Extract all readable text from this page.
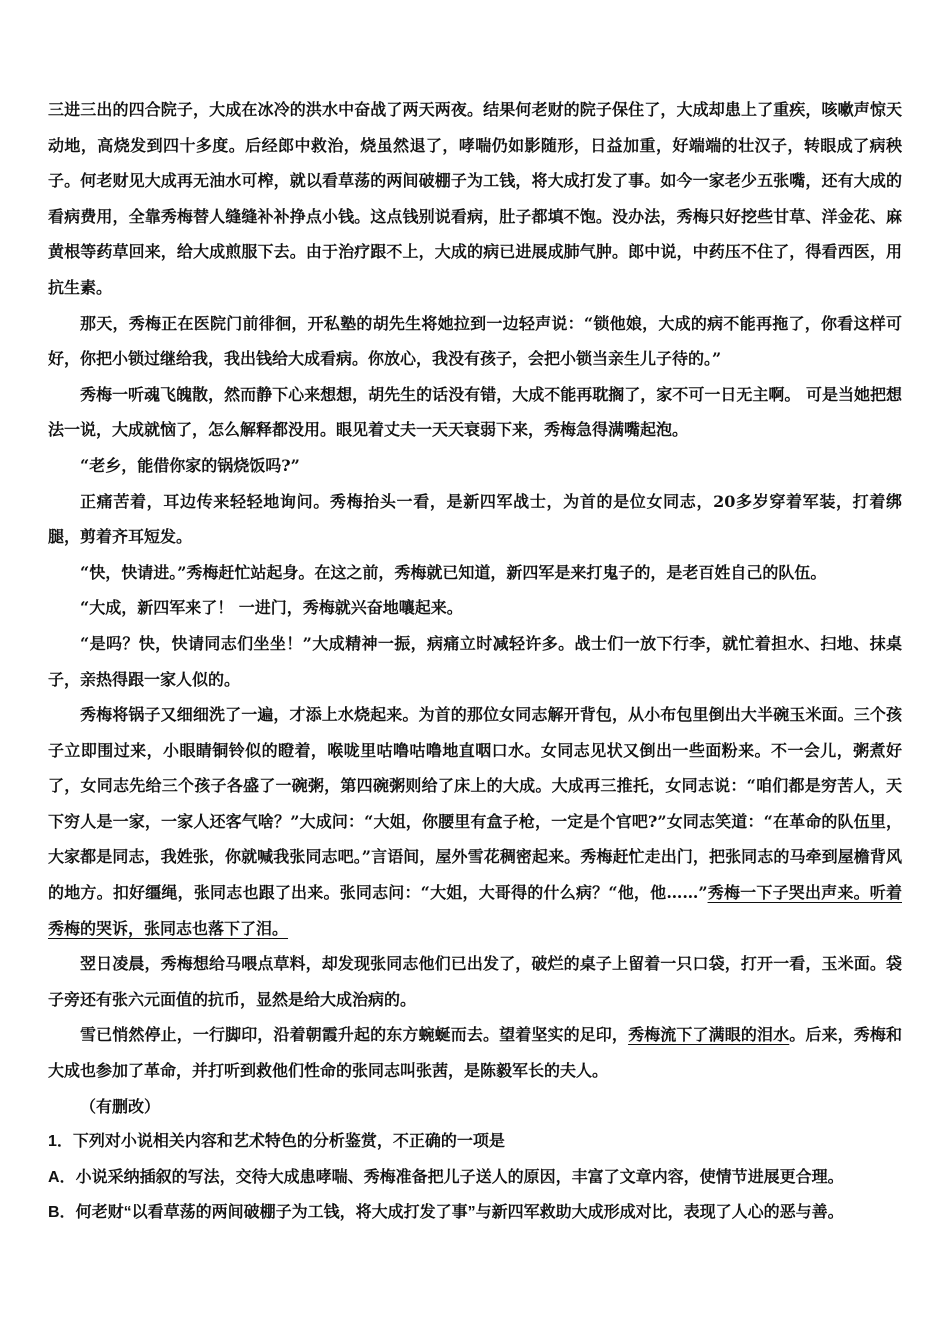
三进三出的四合院子，大成在冰冷的洪水中奋战了两天两夜。结果何老财的院子保住了，大成却患上了重疾，咳嗽声惊天动地，高烧发到四十多度。后经郎中救治，烧虽然退了，哮喘仍如影随形，日益加重，好端端的壮汉子，转眼成了病秧子。何老财见大成再无油水可榨，就以看草荡的两间破棚子为工钱，将大成打发了事。如今一家老少五张嘴，还有大成的看病费用，全靠秀梅替人缝缝补补挣点小钱。这点钱别说看病，肚子都填不饱。没办法，秀梅只好挖些甘草、洋金花、麻黄根等药草回来，给大成煎服下去。由于治疗跟不上，大成的病已进展成肺气肿。郎中说，中药压不住了，得看西医，用抗生素。

那天，秀梅正在医院门前徘徊，开私塾的胡先生将她拉到一边轻声说：“锁他娘，大成的病不能再拖了，你看这样可好，你把小锁过继给我，我出钱给大成看病。你放心，我没有孩子，会把小锁当亲生儿子待的。”

秀梅一听魂飞魄散，然而静下心来想想，胡先生的话没有错，大成不能再耽搁了，家不可一日无主啊。 可是当她把想法一说，大成就恼了，怎么解释都没用。眼见着丈夫一天天衰弱下来，秀梅急得满嘴起泡。

“老乡，能借你家的锅烧饭吗?”

正痛苦着，耳边传来轻轻地询问。秀梅抬头一看，是新四军战士，为首的是位女同志，20多岁穿着军装，打着绑腿，剪着齐耳短发。

“快，快请进。”秀梅赶忙站起身。在这之前，秀梅就已知道，新四军是来打鬼子的，是老百姓自己的队伍。

“大成，新四军来了！ 一进门，秀梅就兴奋地嚷起来。

“是吗？快，快请同志们坐坐！”大成精神一振，病痛立时减轻许多。战士们一放下行李，就忙着担水、扫地、抹桌子，亲热得跟一家人似的。

秀梅将锅子又细细洗了一遍，才添上水烧起来。为首的那位女同志解开背包，从小布包里倒出大半碗玉米面。三个孩子立即围过来，小眼睛铜铃似的瞪着，喉咙里咕噜咕噜地直咽口水。女同志见状又倒出一些面粉来。不一会儿，粥煮好了，女同志先给三个孩子各盛了一碗粥，第四碗粥则给了床上的大成。大成再三推托，女同志说：“咱们都是穷苦人，天下穷人是一家，一家人还客气啥？”大成问：“大姐，你腰里有盒子枪，一定是个官吧?”女同志笑道：“在革命的队伍里，大家都是同志，我姓张，你就喊我张同志吧。”言语间，屋外雪花稠密起来。秀梅赶忙走出门，把张同志的马牵到屋檐背风的地方。扣好缰绳，张同志也跟了出来。张同志问：“大姐，大哥得的什么病？“他，他……”秀梅一下子哭出声来。听着秀梅的哭诉，张同志也落下了泪。

翌日凌晨，秀梅想给马喂点草料，却发现张同志他们已出发了，破烂的桌子上留着一只口袋，打开一看，玉米面。袋子旁还有张六元面值的抗币，显然是给大成治病的。

雪已悄然停止，一行脚印，沿着朝霞升起的东方蜿蜒而去。望着坚实的足印，秀梅流下了满眼的泪水。后来，秀梅和大成也参加了革命，并打听到救他们性命的张同志叫张茜，是陈毅军长的夫人。

（有删改）

1．下列对小说相关内容和艺术特色的分析鉴赏，不正确的一项是

A．小说采纳插叙的写法，交待大成患哮喘、秀梅准备把儿子送人的原因，丰富了文章内容，使情节进展更合理。

B．何老财“以看草荡的两间破棚子为工钱，将大成打发了事”与新四军救助大成形成对比，表现了人心的恶与善。
